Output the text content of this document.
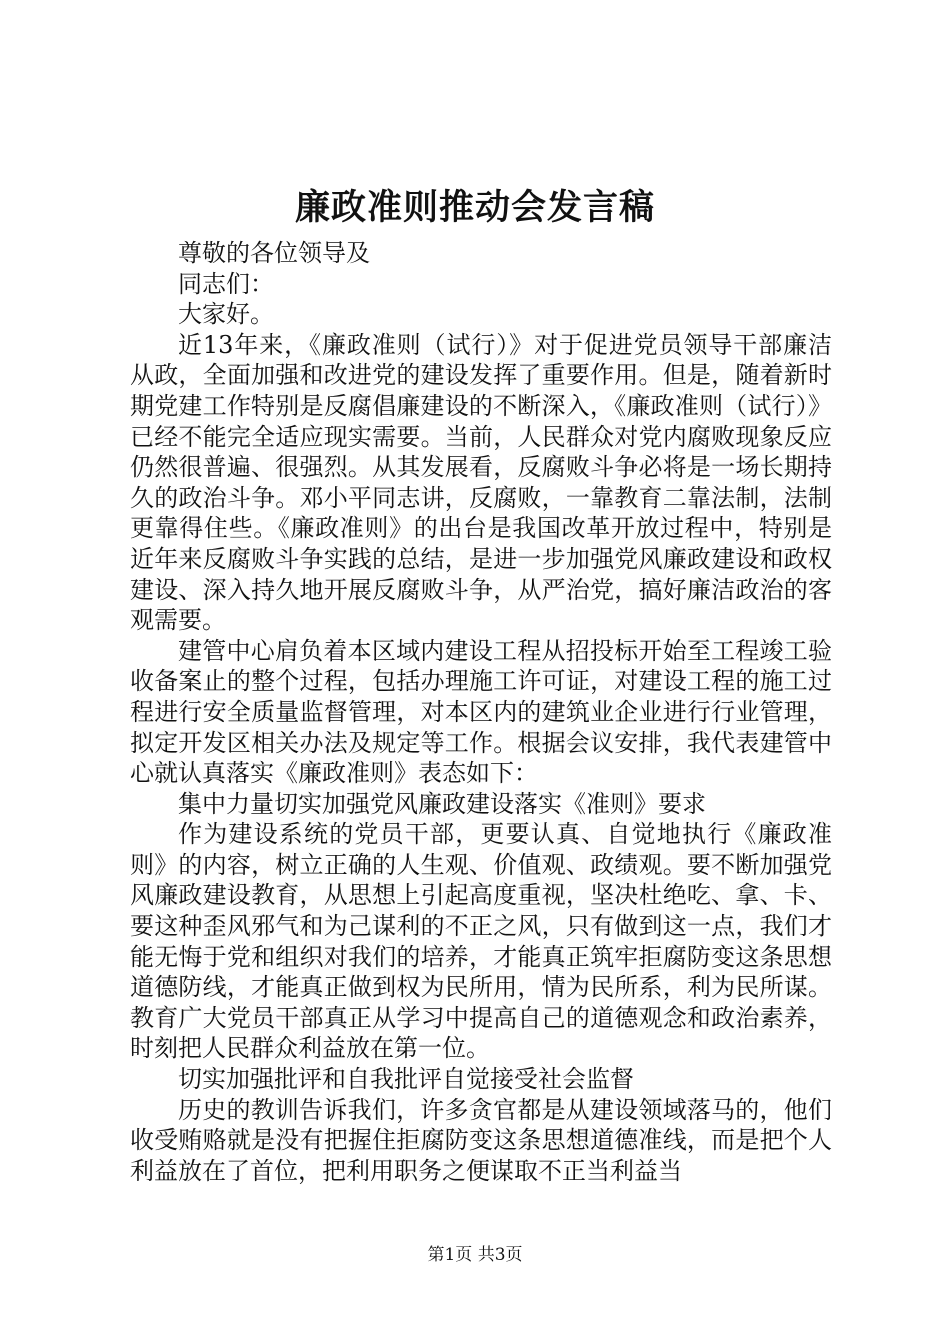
廉政准则推动会发言稿

尊敬的各位领导及

同志们：

大家好。

近13年来，《廉政准则（试行）》对于促进党员领导干部廉洁从政，全面加强和改进党的建设发挥了重要作用。但是，随着新时期党建工作特别是反腐倡廉建设的不断深入，《廉政准则（试行）》已经不能完全适应现实需要。当前，人民群众对党内腐败现象反应仍然很普遍、很强烈。从其发展看，反腐败斗争必将是一场长期持久的政治斗争。邓小平同志讲，反腐败，一靠教育二靠法制，法制更靠得住些。《廉政准则》的出台是我国改革开放过程中，特别是近年来反腐败斗争实践的总结，是进一步加强党风廉政建设和政权建设、深入持久地开展反腐败斗争，从严治党，搞好廉洁政治的客观需要。

建管中心肩负着本区域内建设工程从招投标开始至工程竣工验收备案止的整个过程，包括办理施工许可证，对建设工程的施工过程进行安全质量监督管理，对本区内的建筑业企业进行行业管理，拟定开发区相关办法及规定等工作。根据会议安排，我代表建管中心就认真落实《廉政准则》表态如下：

集中力量切实加强党风廉政建设落实《准则》要求

作为建设系统的党员干部，更要认真、自觉地执行《廉政准则》的内容，树立正确的人生观、价值观、政绩观。要不断加强党风廉政建设教育，从思想上引起高度重视，坚决杜绝吃、拿、卡、要这种歪风邪气和为己谋利的不正之风，只有做到这一点，我们才能无悔于党和组织对我们的培养，才能真正筑牢拒腐防变这条思想道德防线，才能真正做到权为民所用，情为民所系，利为民所谋。教育广大党员干部真正从学习中提高自己的道德观念和政治素养，时刻把人民群众利益放在第一位。

切实加强批评和自我批评自觉接受社会监督

历史的教训告诉我们，许多贪官都是从建设领域落马的，他们收受贿赂就是没有把握住拒腐防变这条思想道德准线，而是把个人利益放在了首位，把利用职务之便谋取不正当利益当

第1页 共3页
